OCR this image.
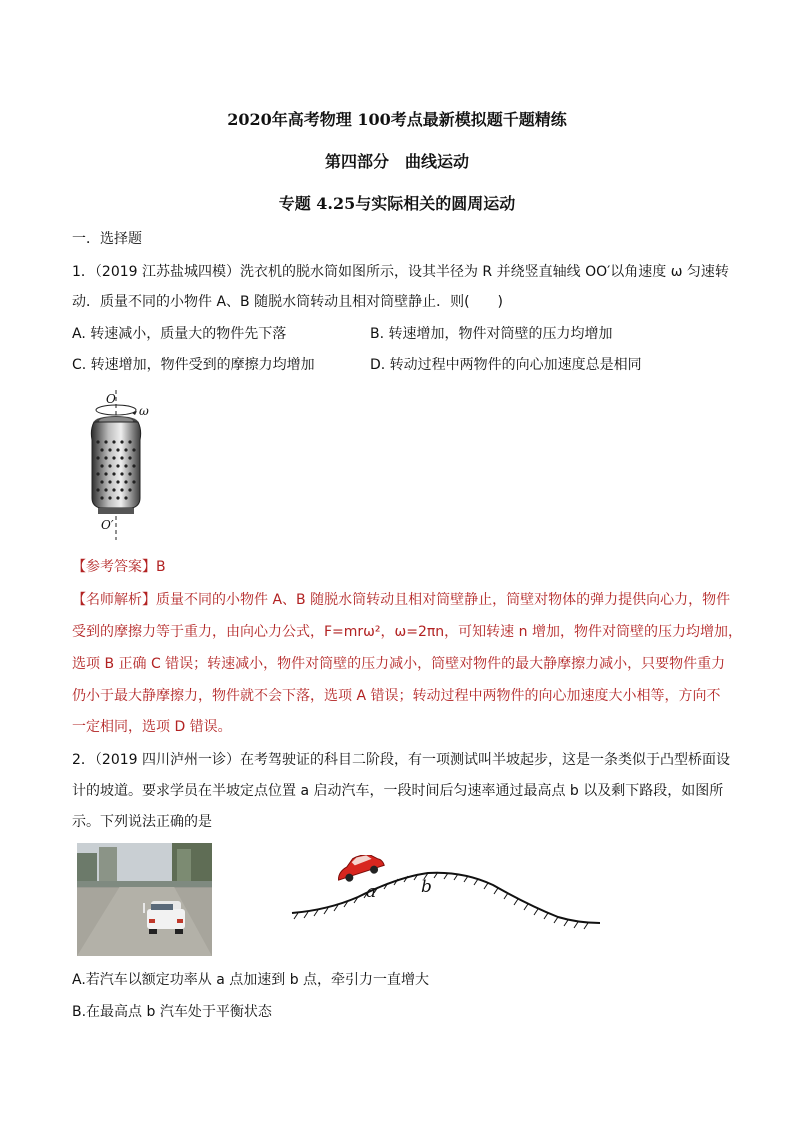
2020年高考物理 100考点最新模拟题千题精练
第四部分　曲线运动
专题 4.25与实际相关的圆周运动
一．选择题
1．（2019 江苏盐城四模）洗衣机的脱水筒如图所示，设其半径为 R 并绕竖直轴线 OO′以角速度 ω 匀速转
动．质量不同的小物件 A、B 随脱水筒转动且相对筒壁静止．则(　　)
A. 转速减小，质量大的物件先下落	B. 转速增加，物件对筒壁的压力均增加
C. 转速增加，物件受到的摩擦力均增加	D. 转动过程中两物件的向心加速度总是相同
O
ω
O′
【参考答案】B
【名师解析】质量不同的小物件 A、B 随脱水筒转动且相对筒壁静止，筒壁对物体的弹力提供向心力，物件
受到的摩擦力等于重力，由向心力公式，F=mrω²，ω=2πn，可知转速 n 增加，物件对筒壁的压力均增加，
选项 B 正确 C 错误；转速减小，物件对筒壁的压力减小，筒壁对物件的最大静摩擦力减小，只要物件重力
仍小于最大静摩擦力，物件就不会下落，选项 A 错误；转动过程中两物件的向心加速度大小相等，方向不
一定相同，选项 D 错误。
2．（2019 四川泸州一诊）在考驾驶证的科目二阶段，有一项测试叫半坡起步，这是一条类似于凸型桥面设
计的坡道。要求学员在半坡定点位置 a 启动汽车，一段时间后匀速率通过最高点 b 以及剩下路段，如图所
示。下列说法正确的是
a	b
A.若汽车以额定功率从 a 点加速到 b 点，牵引力一直增大
B.在最高点 b 汽车处于平衡状态
